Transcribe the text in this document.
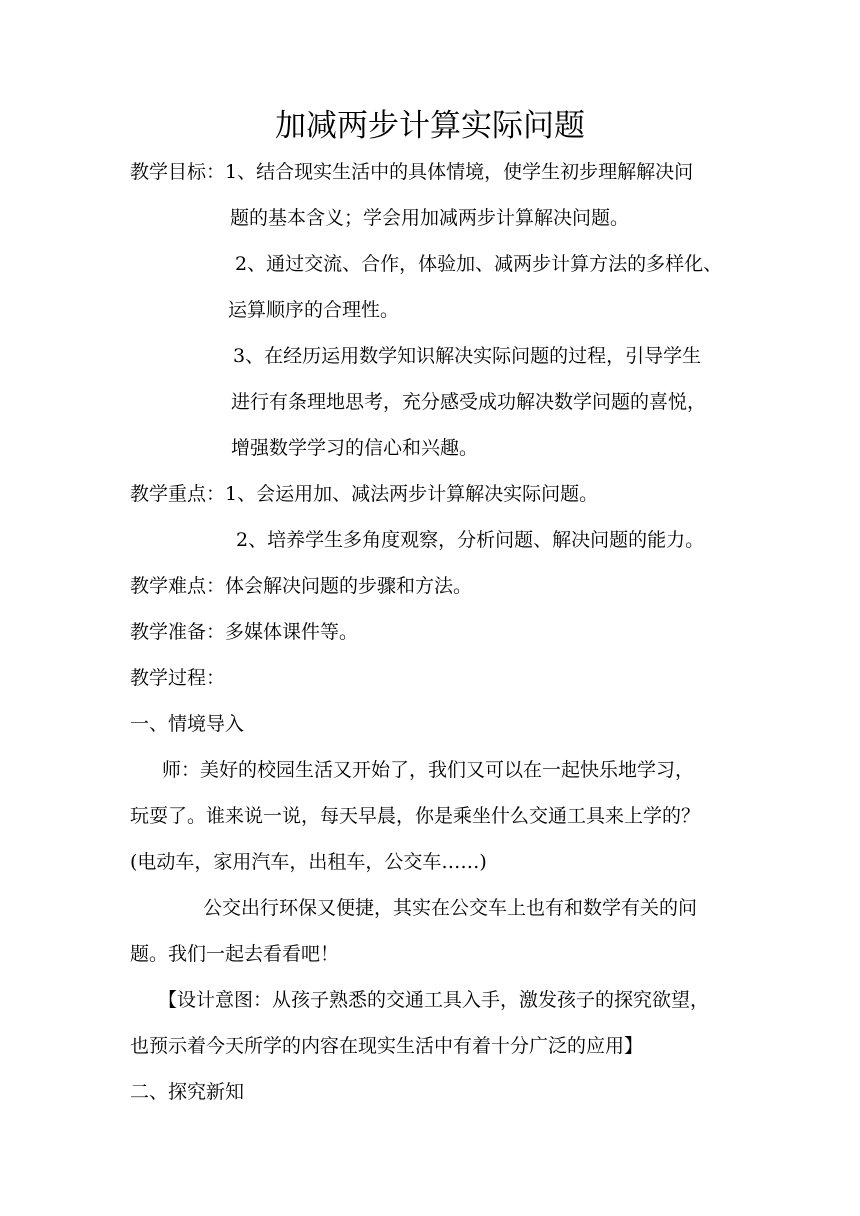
加减两步计算实际问题
教学目标：1、结合现实生活中的具体情境，使学生初步理解解决问
题的基本含义；学会用加减两步计算解决问题。
2、通过交流、合作，体验加、减两步计算方法的多样化、
运算顺序的合理性。
3、在经历运用数学知识解决实际问题的过程，引导学生
进行有条理地思考，充分感受成功解决数学问题的喜悦，
增强数学学习的信心和兴趣。
教学重点：1、会运用加、减法两步计算解决实际问题。
2、培养学生多角度观察，分析问题、解决问题的能力。
教学难点：体会解决问题的步骤和方法。
教学准备：多媒体课件等。
教学过程：
一、情境导入
师：美好的校园生活又开始了，我们又可以在一起快乐地学习，
玩耍了。谁来说一说，每天早晨，你是乘坐什么交通工具来上学的？
(电动车，家用汽车，出租车，公交车……)
公交出行环保又便捷，其实在公交车上也有和数学有关的问
题。我们一起去看看吧！
【设计意图：从孩子熟悉的交通工具入手，激发孩子的探究欲望，
也预示着今天所学的内容在现实生活中有着十分广泛的应用】
二、探究新知
